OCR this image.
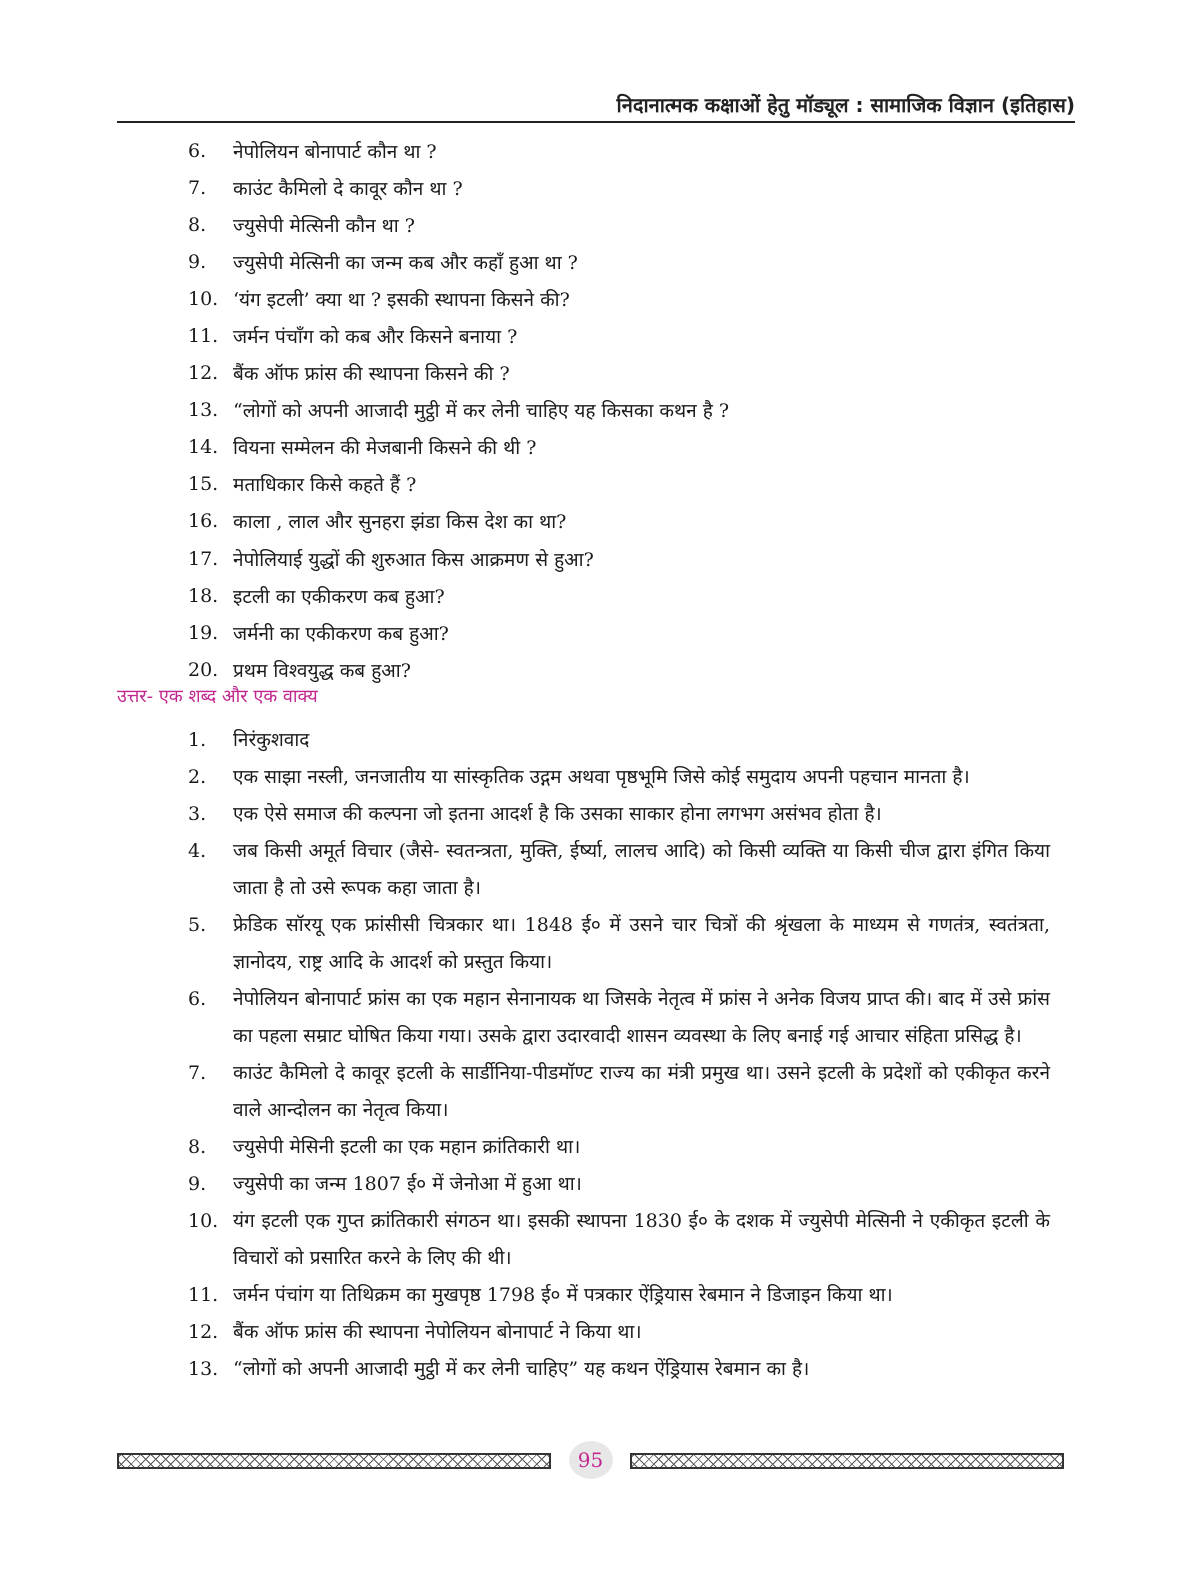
निदानात्मक कक्षाओं हेतु मॉड्यूल : सामाजिक विज्ञान (इतिहास)
6.	नेपोलियन बोनापार्ट कौन था ?
7.	काउंट कैमिलो दे कावूर कौन था ?
8.	ज्युसेपी मेत्सिनी कौन था ?
9.	ज्युसेपी मेत्सिनी का जन्म कब और कहाँ हुआ था ?
10. ‘यंग इटली’ क्या था ? इसकी स्थापना किसने की?
11. जर्मन पंचाँग को कब और किसने बनाया ?
12. बैंक ऑफ फ्रांस की स्थापना किसने की ?
13. “लोगों को अपनी आजादी मुट्ठी में कर लेनी चाहिए यह किसका कथन है ?
14. वियना सम्मेलन की मेजबानी किसने की थी ?
15. मताधिकार किसे कहते हैं ?
16. काला , लाल और सुनहरा झंडा किस देश का था?
17. नेपोलियाई युद्धों की शुरुआत किस आक्रमण से हुआ?
18. इटली का एकीकरण कब हुआ?
19. जर्मनी का एकीकरण कब हुआ?
20. प्रथम विश्वयुद्ध कब हुआ?
उत्तर- एक शब्द और एक वाक्य
1.	निरंकुशवाद
2.	एक साझा नस्ली, जनजातीय या सांस्कृतिक उद्गम अथवा पृष्ठभूमि जिसे कोई समुदाय अपनी पहचान मानता है।
3.	एक ऐसे समाज की कल्पना जो इतना आदर्श है कि उसका साकार होना लगभग असंभव होता है।
4.	जब किसी अमूर्त विचार (जैसे- स्वतन्त्रता, मुक्ति, ईर्ष्या, लालच आदि) को किसी व्यक्ति या किसी चीज द्वारा इंगित किया जाता है तो उसे रूपक कहा जाता है।
5.	फ्रेडिक सॉरयू एक फ्रांसीसी चित्रकार था। 1848 ई० में उसने चार चित्रों की श्रृंखला के माध्यम से गणतंत्र, स्वतंत्रता, ज्ञानोदय, राष्ट्र आदि के आदर्श को प्रस्तुत किया।
6.	नेपोलियन बोनापार्ट फ्रांस का एक महान सेनानायक था जिसके नेतृत्व में फ्रांस ने अनेक विजय प्राप्त की। बाद में उसे फ्रांस का पहला सम्राट घोषित किया गया। उसके द्वारा उदारवादी शासन व्यवस्था के लिए बनाई गई आचार संहिता प्रसिद्ध है।
7.	काउंट कैमिलो दे कावूर इटली के सार्डीनिया-पीडमॉण्ट राज्य का मंत्री प्रमुख था। उसने इटली के प्रदेशों को एकीकृत करने वाले आन्दोलन का नेतृत्व किया।
8.	ज्युसेपी मेसिनी इटली का एक महान क्रांतिकारी था।
9.	ज्युसेपी का जन्म 1807 ई० में जेनोआ में हुआ था।
10. यंग इटली एक गुप्त क्रांतिकारी संगठन था। इसकी स्थापना 1830 ई० के दशक में ज्युसेपी मेत्सिनी ने एकीकृत इटली के विचारों को प्रसारित करने के लिए की थी।
11. जर्मन पंचांग या तिथिक्रम का मुखपृष्ठ 1798 ई० में पत्रकार ऐंड्रियास रेबमान ने डिजाइन किया था।
12. बैंक ऑफ फ्रांस की स्थापना नेपोलियन बोनापार्ट ने किया था।
13. “लोगों को अपनी आजादी मुट्ठी में कर लेनी चाहिए” यह कथन ऐंड्रियास रेबमान का है।
95
